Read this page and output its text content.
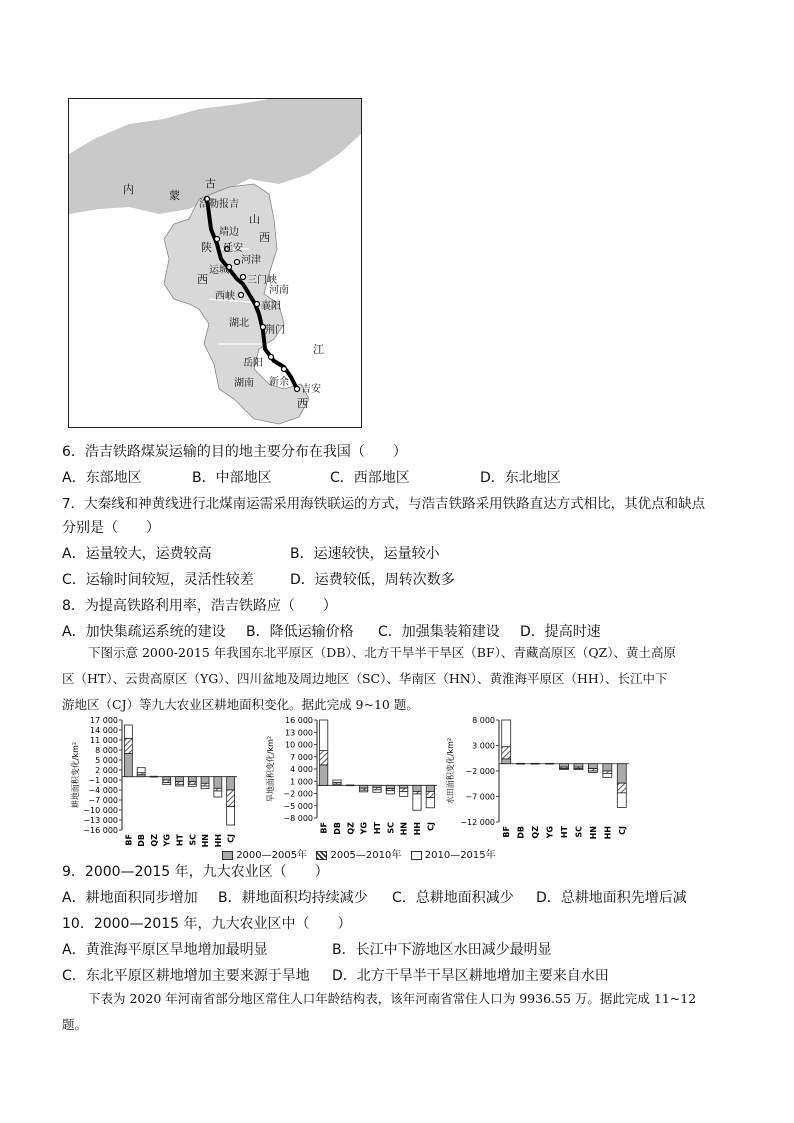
内	蒙
古
山
西
陕
西
河南
湖北
湖南
江
西
浩勒报吉
靖边
延安
河津
运城
三门峡
西峡
襄阳
荆门
岳阳
新余
吉安
6．浩吉铁路煤炭运输的目的地主要分布在我国（　　）
A．东部地区	B．中部地区	C．西部地区	D．东北地区
7．大秦线和神黄线进行北煤南运需采用海铁联运的方式，与浩吉铁路采用铁路直达方式相比，其优点和缺点
分别是（　　）
A．运量较大，运费较高	B．运速较快，运量较小
C．运输时间较短，灵活性较差	D．运费较低，周转次数多
8．为提高铁路利用率，浩吉铁路应（　　）
A．加快集疏运系统的建设 B．降低运输价格 C．加强集装箱建设 D．提高时速
下图示意 2000-2015 年我国东北平原区（DB）、北方干旱半干旱区（BF）、青藏高原区（QZ）、黄土高原
区（HT）、云贵高原区（YG）、四川盆地及周边地区（SC）、华南区（HN）、黄淮海平原区（HH）、长江中下
游地区（CJ）等九大农业区耕地面积变化。据此完成 9~10 题。
耕地面积变化/km²
17 000
14 000
11 000
8 000
5 000
2 000
−1 000
−4 000
−7 000
−10 000
−13 000
−16 000
BF DB QZ YG HT SC HN HH CJ
旱地面积变化/km²
16 000
13 000
10 000
7 000
4 000
1 000
−2 000
−5 000
−8 000
BF DB QZ YG HT SC HN HH CJ
水田面积变化/km²
8 000
3 000
−2 000
−7 000
−12 000
BF DB QZ YG HT SC HN HH CJ
2000—2005年 2005—2010年 2010—2015年
9．2000—2015 年，九大农业区（　　）
A．耕地面积同步增加 B．耕地面积均持续减少 C．总耕地面积减少 D．总耕地面积先增后减
10．2000—2015 年，九大农业区中（　　）
A．黄淮海平原区旱地增加最明显	B．长江中下游地区水田减少最明显
C．东北平原区耕地增加主要来源于旱地 D．北方干旱半干旱区耕地增加主要来自水田
下表为 2020 年河南省部分地区常住人口年龄结构表，该年河南省常住人口为 9936.55 万。据此完成 11~12
题。
